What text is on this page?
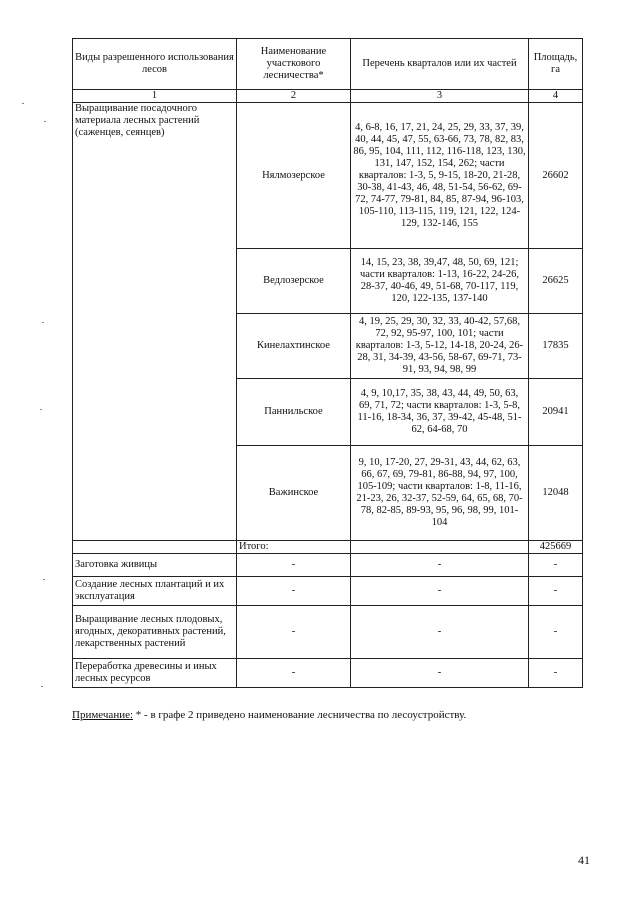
Виды разрешенного использования лесов	Наименование участкового лесничества*	Перечень кварталов или их частей	Площадь, га
1	2	3	4
Выращивание посадочного материала лесных растений (саженцев, сеянцев)	Нялмозерское	4, 6-8, 16, 17, 21, 24, 25, 29, 33, 37, 39, 40, 44, 45, 47, 55, 63-66, 73, 78, 82, 83, 86, 95, 104, 111, 112, 116-118, 123, 130, 131, 147, 152, 154, 262; части кварталов: 1-3, 5, 9-15, 18-20, 21-28, 30-38, 41-43, 46, 48, 51-54, 56-62, 69-72, 74-77, 79-81, 84, 85, 87-94, 96-103, 105-110, 113-115, 119, 121, 122, 124-129, 132-146, 155	26602
	Ведлозерское	14, 15, 23, 38, 39,47, 48, 50, 69, 121; части кварталов: 1-13, 16-22, 24-26, 28-37, 40-46, 49, 51-68, 70-117, 119, 120, 122-135, 137-140	26625
	Кинелахтинское	4, 19, 25, 29, 30, 32, 33, 40-42, 57,68, 72, 92, 95-97, 100, 101; части кварталов: 1-3, 5-12, 14-18, 20-24, 26-28, 31, 34-39, 43-56, 58-67, 69-71, 73-91, 93, 94, 98, 99	17835
	Паннильское	4, 9, 10,17, 35, 38, 43, 44, 49, 50, 63, 69, 71, 72; части кварталов: 1-3, 5-8, 11-16, 18-34, 36, 37, 39-42, 45-48, 51-62, 64-68, 70	20941
	Важинское	9, 10, 17-20, 27, 29-31, 43, 44, 62, 63, 66, 67, 69, 79-81, 86-88, 94, 97, 100, 105-109; части кварталов: 1-8, 11-16, 21-23, 26, 32-37, 52-59, 64, 65, 68, 70-78, 82-85, 89-93, 95, 96, 98, 99, 101-104	12048
	Итого:		425669
Заготовка живицы	-	-	-
Создание лесных плантаций и их эксплуатация	-	-	-
Выращивание лесных плодовых, ягодных, декоративных растений, лекарственных растений	-	-	-
Переработка древесины и иных лесных ресурсов	-	-	-
Примечание: * - в графе 2 приведено наименование лесничества по лесоустройству.
41
